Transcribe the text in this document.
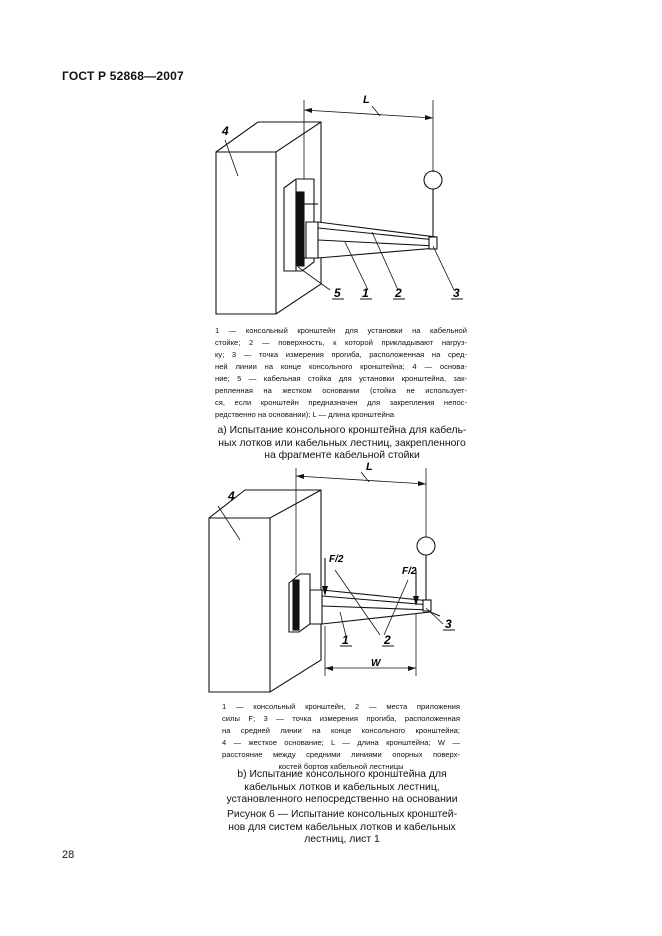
ГОСТ Р 52868—2007
4
L
5 1 2	3
4
L
F/2
F/2
1	2
3
W
1 — консольный кронштейн для установки на кабельной
стойке; 2 — поверхность, к которой прикладывают нагруз-
ку; 3 — точка измерения прогиба, расположенная на сред-
ней линии на конце консольного кронштейна; 4 — основа-
ние; 5 — кабельная стойка для установки кронштейна, зак-
репленная на жестком основании (стойка не использует-
ся, если кронштейн предназначен для закрепления непос-
редственно на основании); L — длина кронштейна
а) Испытание консольного кронштейна для кабель-
ных лотков или кабельных лестниц, закрепленного
на фрагменте кабельной стойки
1 — консольный кронштейн, 2 — места приложения
силы F; 3 — точка измерения прогиба, расположенная
на средней линии на конце консольного кронштейна;
4 — жесткое основание; L — длина кронштейна; W —
расстояние между средними линиями опорных поверх-
костей бортов кабельной лестницы
b) Испытание консольного кронштейна для
кабельных лотков и кабельных лестниц,
установленного непосредственно на основании
Рисунок 6 — Испытание консольных кронштей-
нов для систем кабельных лотков и кабельных
лестниц, лист 1
28
